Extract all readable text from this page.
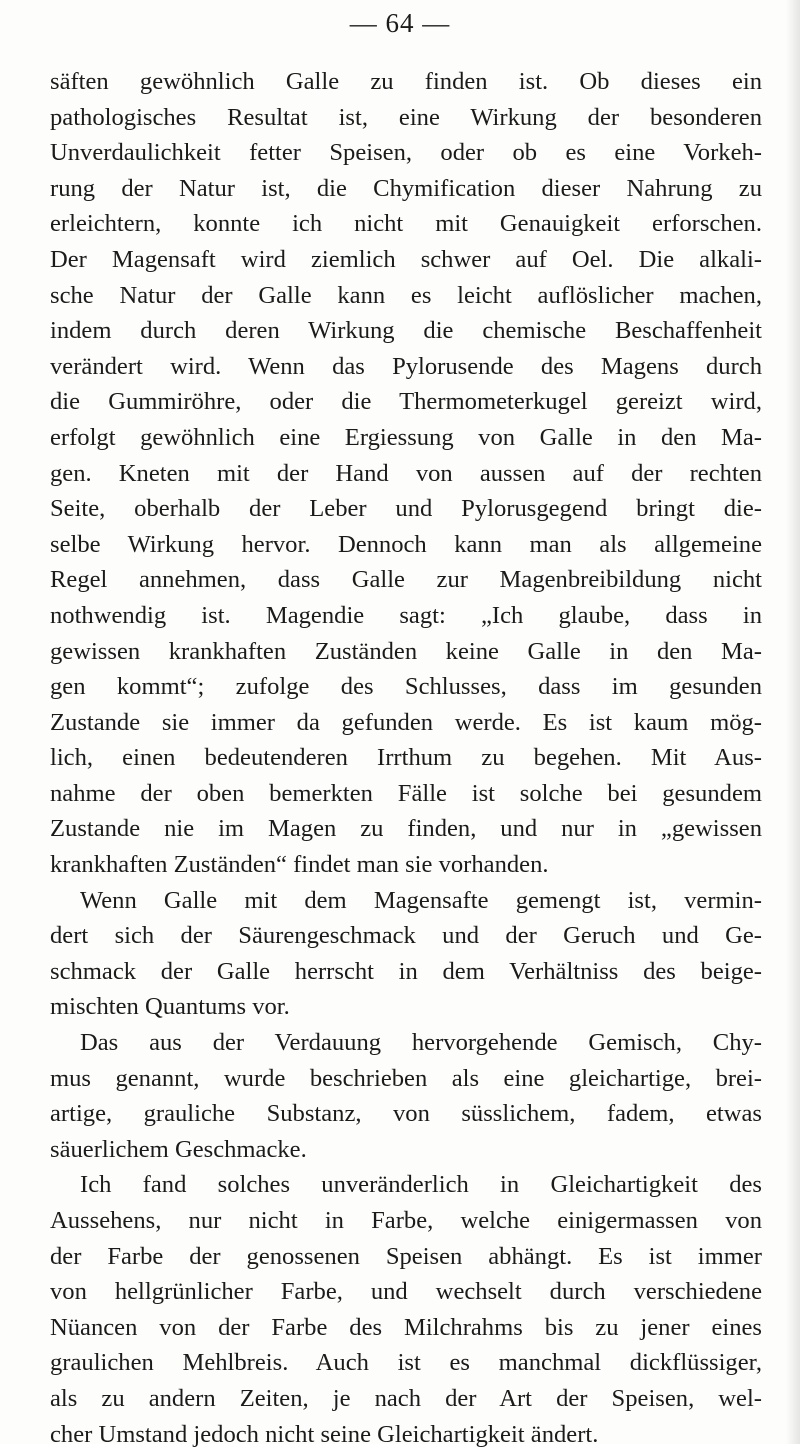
— 64 —
säften gewöhnlich Galle zu finden ist. Ob dieses ein
pathologisches Resultat ist, eine Wirkung der besonderen
Unverdaulichkeit fetter Speisen, oder ob es eine Vorkeh-
rung der Natur ist, die Chymification dieser Nahrung zu
erleichtern, konnte ich nicht mit Genauigkeit erforschen.
Der Magensaft wird ziemlich schwer auf Oel. Die alkali-
sche Natur der Galle kann es leicht auflöslicher machen,
indem durch deren Wirkung die chemische Beschaffenheit
verändert wird. Wenn das Pylorusende des Magens durch
die Gummiröhre, oder die Thermometerkugel gereizt wird,
erfolgt gewöhnlich eine Ergiessung von Galle in den Ma-
gen. Kneten mit der Hand von aussen auf der rechten
Seite, oberhalb der Leber und Pylorusgegend bringt die-
selbe Wirkung hervor. Dennoch kann man als allgemeine
Regel annehmen, dass Galle zur Magenbreibildung nicht
nothwendig ist. Magendie sagt: „Ich glaube, dass in
gewissen krankhaften Zuständen keine Galle in den Ma-
gen kommt“; zufolge des Schlusses, dass im gesunden
Zustande sie immer da gefunden werde. Es ist kaum mög-
lich, einen bedeutenderen Irrthum zu begehen. Mit Aus-
nahme der oben bemerkten Fälle ist solche bei gesundem
Zustande nie im Magen zu finden, und nur in „gewissen
krankhaften Zuständen“ findet man sie vorhanden.
Wenn Galle mit dem Magensafte gemengt ist, vermin-
dert sich der Säurengeschmack und der Geruch und Ge-
schmack der Galle herrscht in dem Verhältniss des beige-
mischten Quantums vor.
Das aus der Verdauung hervorgehende Gemisch, Chy-
mus genannt, wurde beschrieben als eine gleichartige, brei-
artige, grauliche Substanz, von süsslichem, fadem, etwas
säuerlichem Geschmacke.
Ich fand solches unveränderlich in Gleichartigkeit des
Aussehens, nur nicht in Farbe, welche einigermassen von
der Farbe der genossenen Speisen abhängt. Es ist immer
von hellgrünlicher Farbe, und wechselt durch verschiedene
Nüancen von der Farbe des Milchrahms bis zu jener eines
graulichen Mehlbreis. Auch ist es manchmal dickflüssiger,
als zu andern Zeiten, je nach der Art der Speisen, wel-
cher Umstand jedoch nicht seine Gleichartigkeit ändert.
